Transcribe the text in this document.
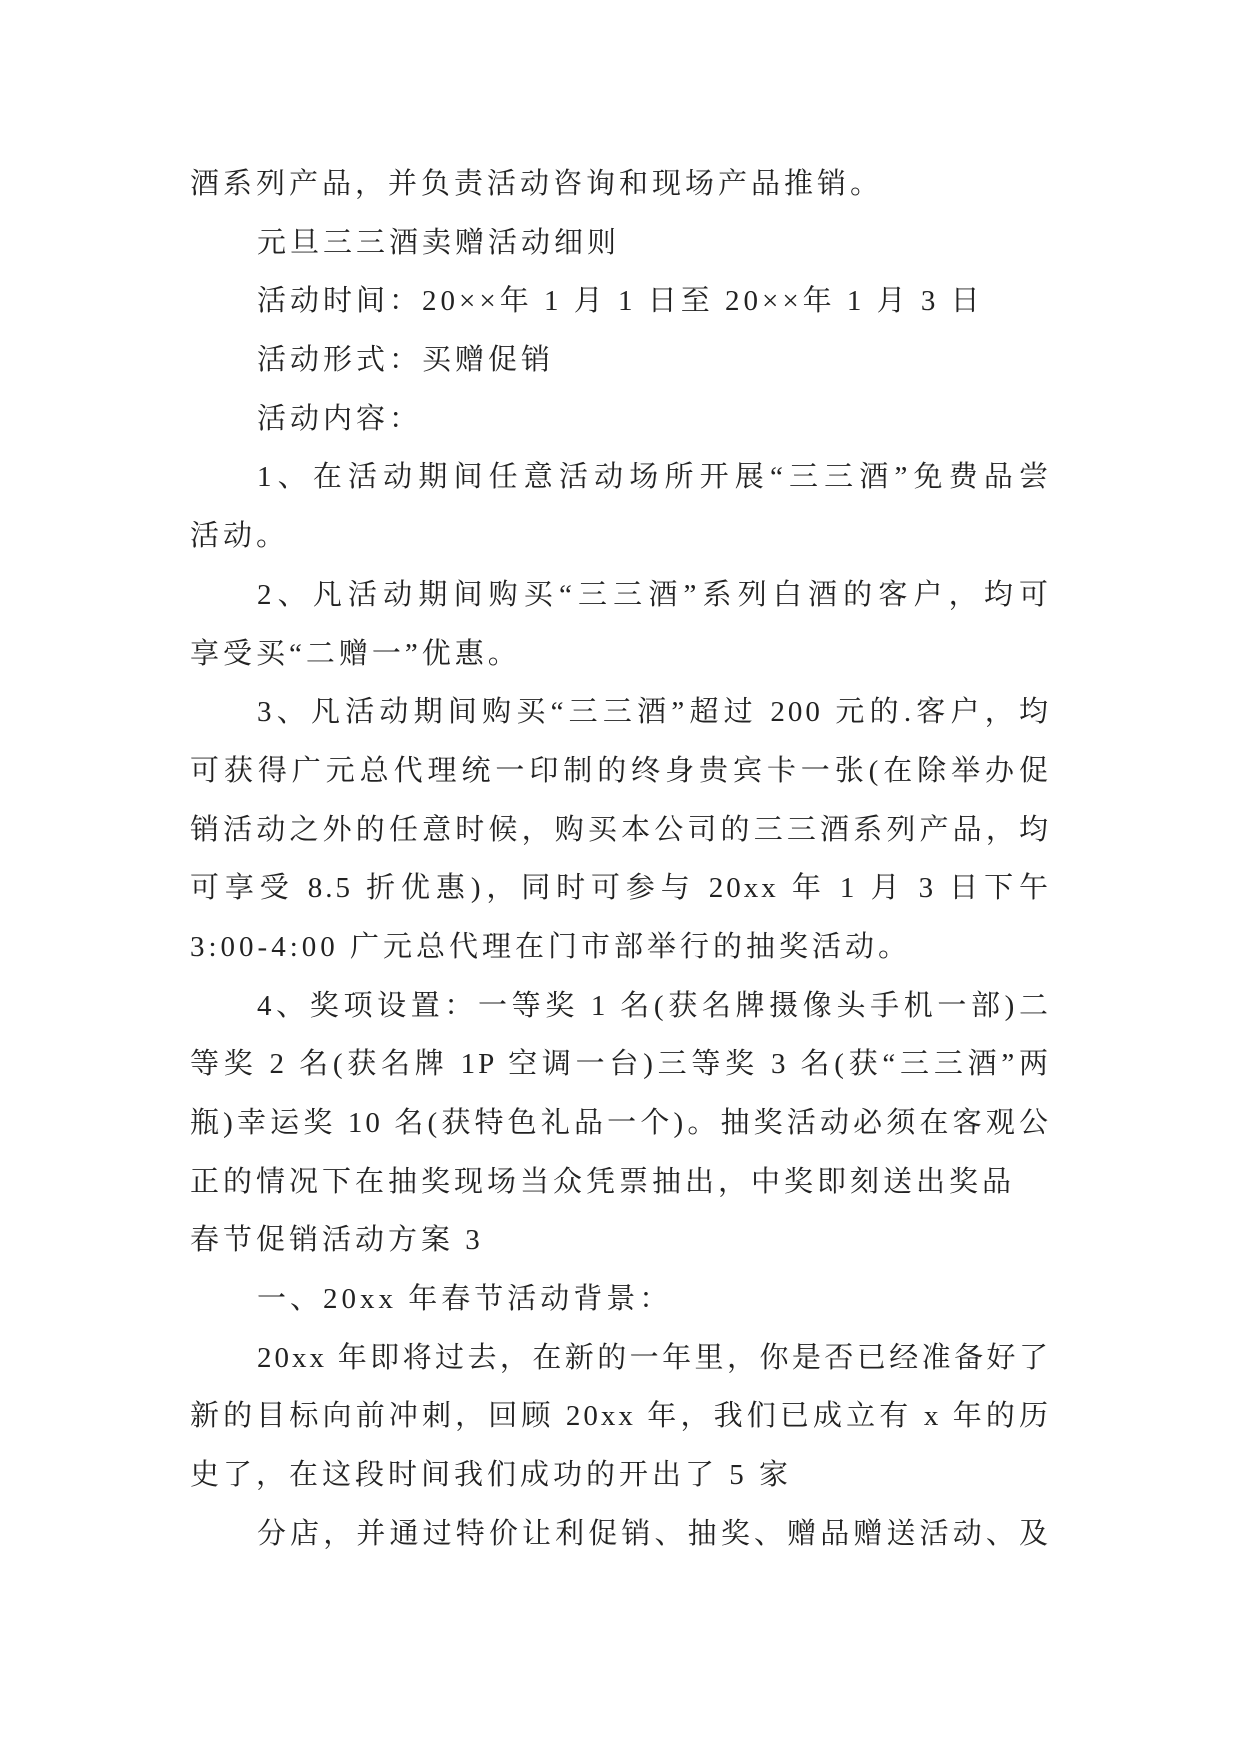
酒系列产品，并负责活动咨询和现场产品推销。
元旦三三酒卖赠活动细则
活动时间：20××年 1 月 1 日至 20××年 1 月 3 日
活动形式：买赠促销
活动内容：
1、在活动期间任意活动场所开展“三三酒”免费品尝
活动。
2、凡活动期间购买“三三酒”系列白酒的客户，均可
享受买“二赠一”优惠。
3、凡活动期间购买“三三酒”超过 200 元的.客户，均
可获得广元总代理统一印制的终身贵宾卡一张(在除举办促
销活动之外的任意时候，购买本公司的三三酒系列产品，均
可享受 8.5 折优惠)，同时可参与 20xx 年 1 月 3 日下午
3:00-4:00 广元总代理在门市部举行的抽奖活动。
4、奖项设置：一等奖 1 名(获名牌摄像头手机一部)二
等奖 2 名(获名牌 1P 空调一台)三等奖 3 名(获“三三酒”两
瓶)幸运奖 10 名(获特色礼品一个)。抽奖活动必须在客观公
正的情况下在抽奖现场当众凭票抽出，中奖即刻送出奖品
春节促销活动方案 3
一、20xx 年春节活动背景：
20xx 年即将过去，在新的一年里，你是否已经准备好了
新的目标向前冲刺，回顾 20xx 年，我们已成立有 x 年的历
史了，在这段时间我们成功的开出了 5 家
分店，并通过特价让利促销、抽奖、赠品赠送活动、及
